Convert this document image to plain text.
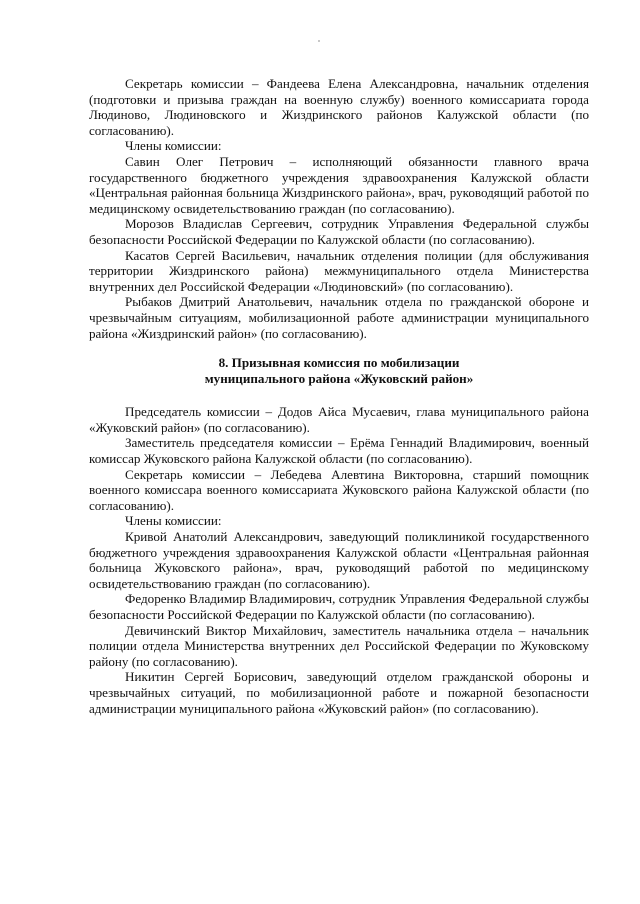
Секретарь комиссии – Фандеева Елена Александровна, начальник отделения (подготовки и призыва граждан на военную службу) военного комиссариата города Людиново, Людиновского и Жиздринского районов Калужской области (по согласованию).

Члены комиссии:

Савин Олег Петрович – исполняющий обязанности главного врача государственного бюджетного учреждения здравоохранения Калужской области «Центральная районная больница Жиздринского района», врач, руководящий работой по медицинскому освидетельствованию граждан (по согласованию).

Морозов Владислав Сергеевич, сотрудник Управления Федеральной службы безопасности Российской Федерации по Калужской области (по согласованию).

Касатов Сергей Васильевич, начальник отделения полиции (для обслуживания территории Жиздринского района) межмуниципального отдела Министерства внутренних дел Российской Федерации «Людиновский» (по согласованию).

Рыбаков Дмитрий Анатольевич, начальник отдела по гражданской обороне и чрезвычайным ситуациям, мобилизационной работе администрации муниципального района «Жиздринский район» (по согласованию).

8. Призывная комиссия по мобилизации
муниципального района «Жуковский район»

Председатель комиссии – Додов Айса Мусаевич, глава муниципального района «Жуковский район» (по согласованию).

Заместитель председателя комиссии – Ерёма Геннадий Владимирович, военный комиссар Жуковского района Калужской области (по согласованию).

Секретарь комиссии – Лебедева Алевтина Викторовна, старший помощник военного комиссара военного комиссариата Жуковского района Калужской области (по согласованию).

Члены комиссии:

Кривой Анатолий Александрович, заведующий поликлиникой государственного бюджетного учреждения здравоохранения Калужской области «Центральная районная больница Жуковского района», врач, руководящий работой по медицинскому освидетельствованию граждан (по согласованию).

Федоренко Владимир Владимирович, сотрудник Управления Федеральной службы безопасности Российской Федерации по Калужской области (по согласованию).

Девичинский Виктор Михайлович, заместитель начальника отдела – начальник полиции отдела Министерства внутренних дел Российской Федерации по Жуковскому району (по согласованию).

Никитин Сергей Борисович, заведующий отделом гражданской обороны и чрезвычайных ситуаций, по мобилизационной работе и пожарной безопасности администрации муниципального района «Жуковский район» (по согласованию).
